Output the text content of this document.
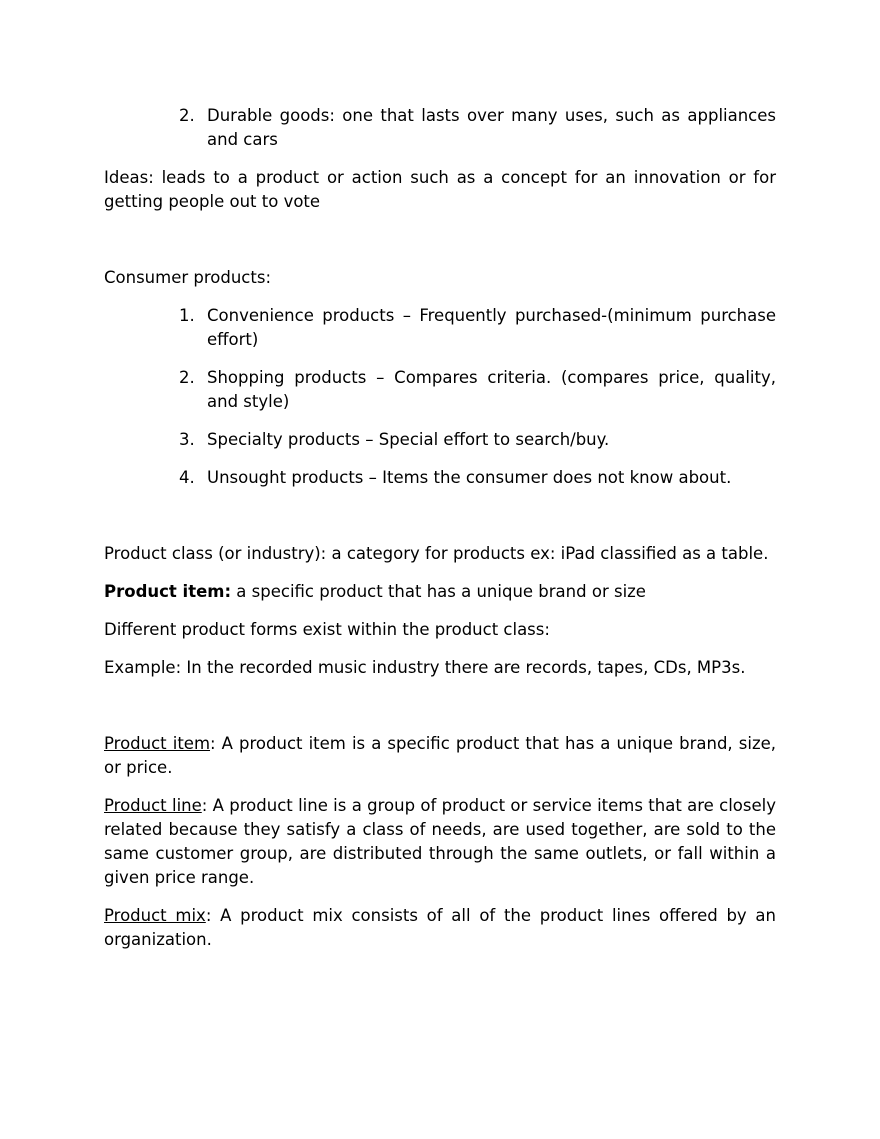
2. Durable goods: one that lasts over many uses, such as appliances and cars

Ideas: leads to a product or action such as a concept for an innovation or for getting people out to vote

Consumer products:

1. Convenience products – Frequently purchased-(minimum purchase effort)
2. Shopping products – Compares criteria. (compares price, quality, and style)
3. Specialty products – Special effort to search/buy.
4. Unsought products – Items the consumer does not know about.

Product class (or industry): a category for products ex: iPad classified as a table.

Product item: a specific product that has a unique brand or size

Different product forms exist within the product class:

Example: In the recorded music industry there are records, tapes, CDs, MP3s.

Product item: A product item is a specific product that has a unique brand, size, or price.

Product line: A product line is a group of product or service items that are closely related because they satisfy a class of needs, are used together, are sold to the same customer group, are distributed through the same outlets, or fall within a given price range.

Product mix: A product mix consists of all of the product lines offered by an organization.
